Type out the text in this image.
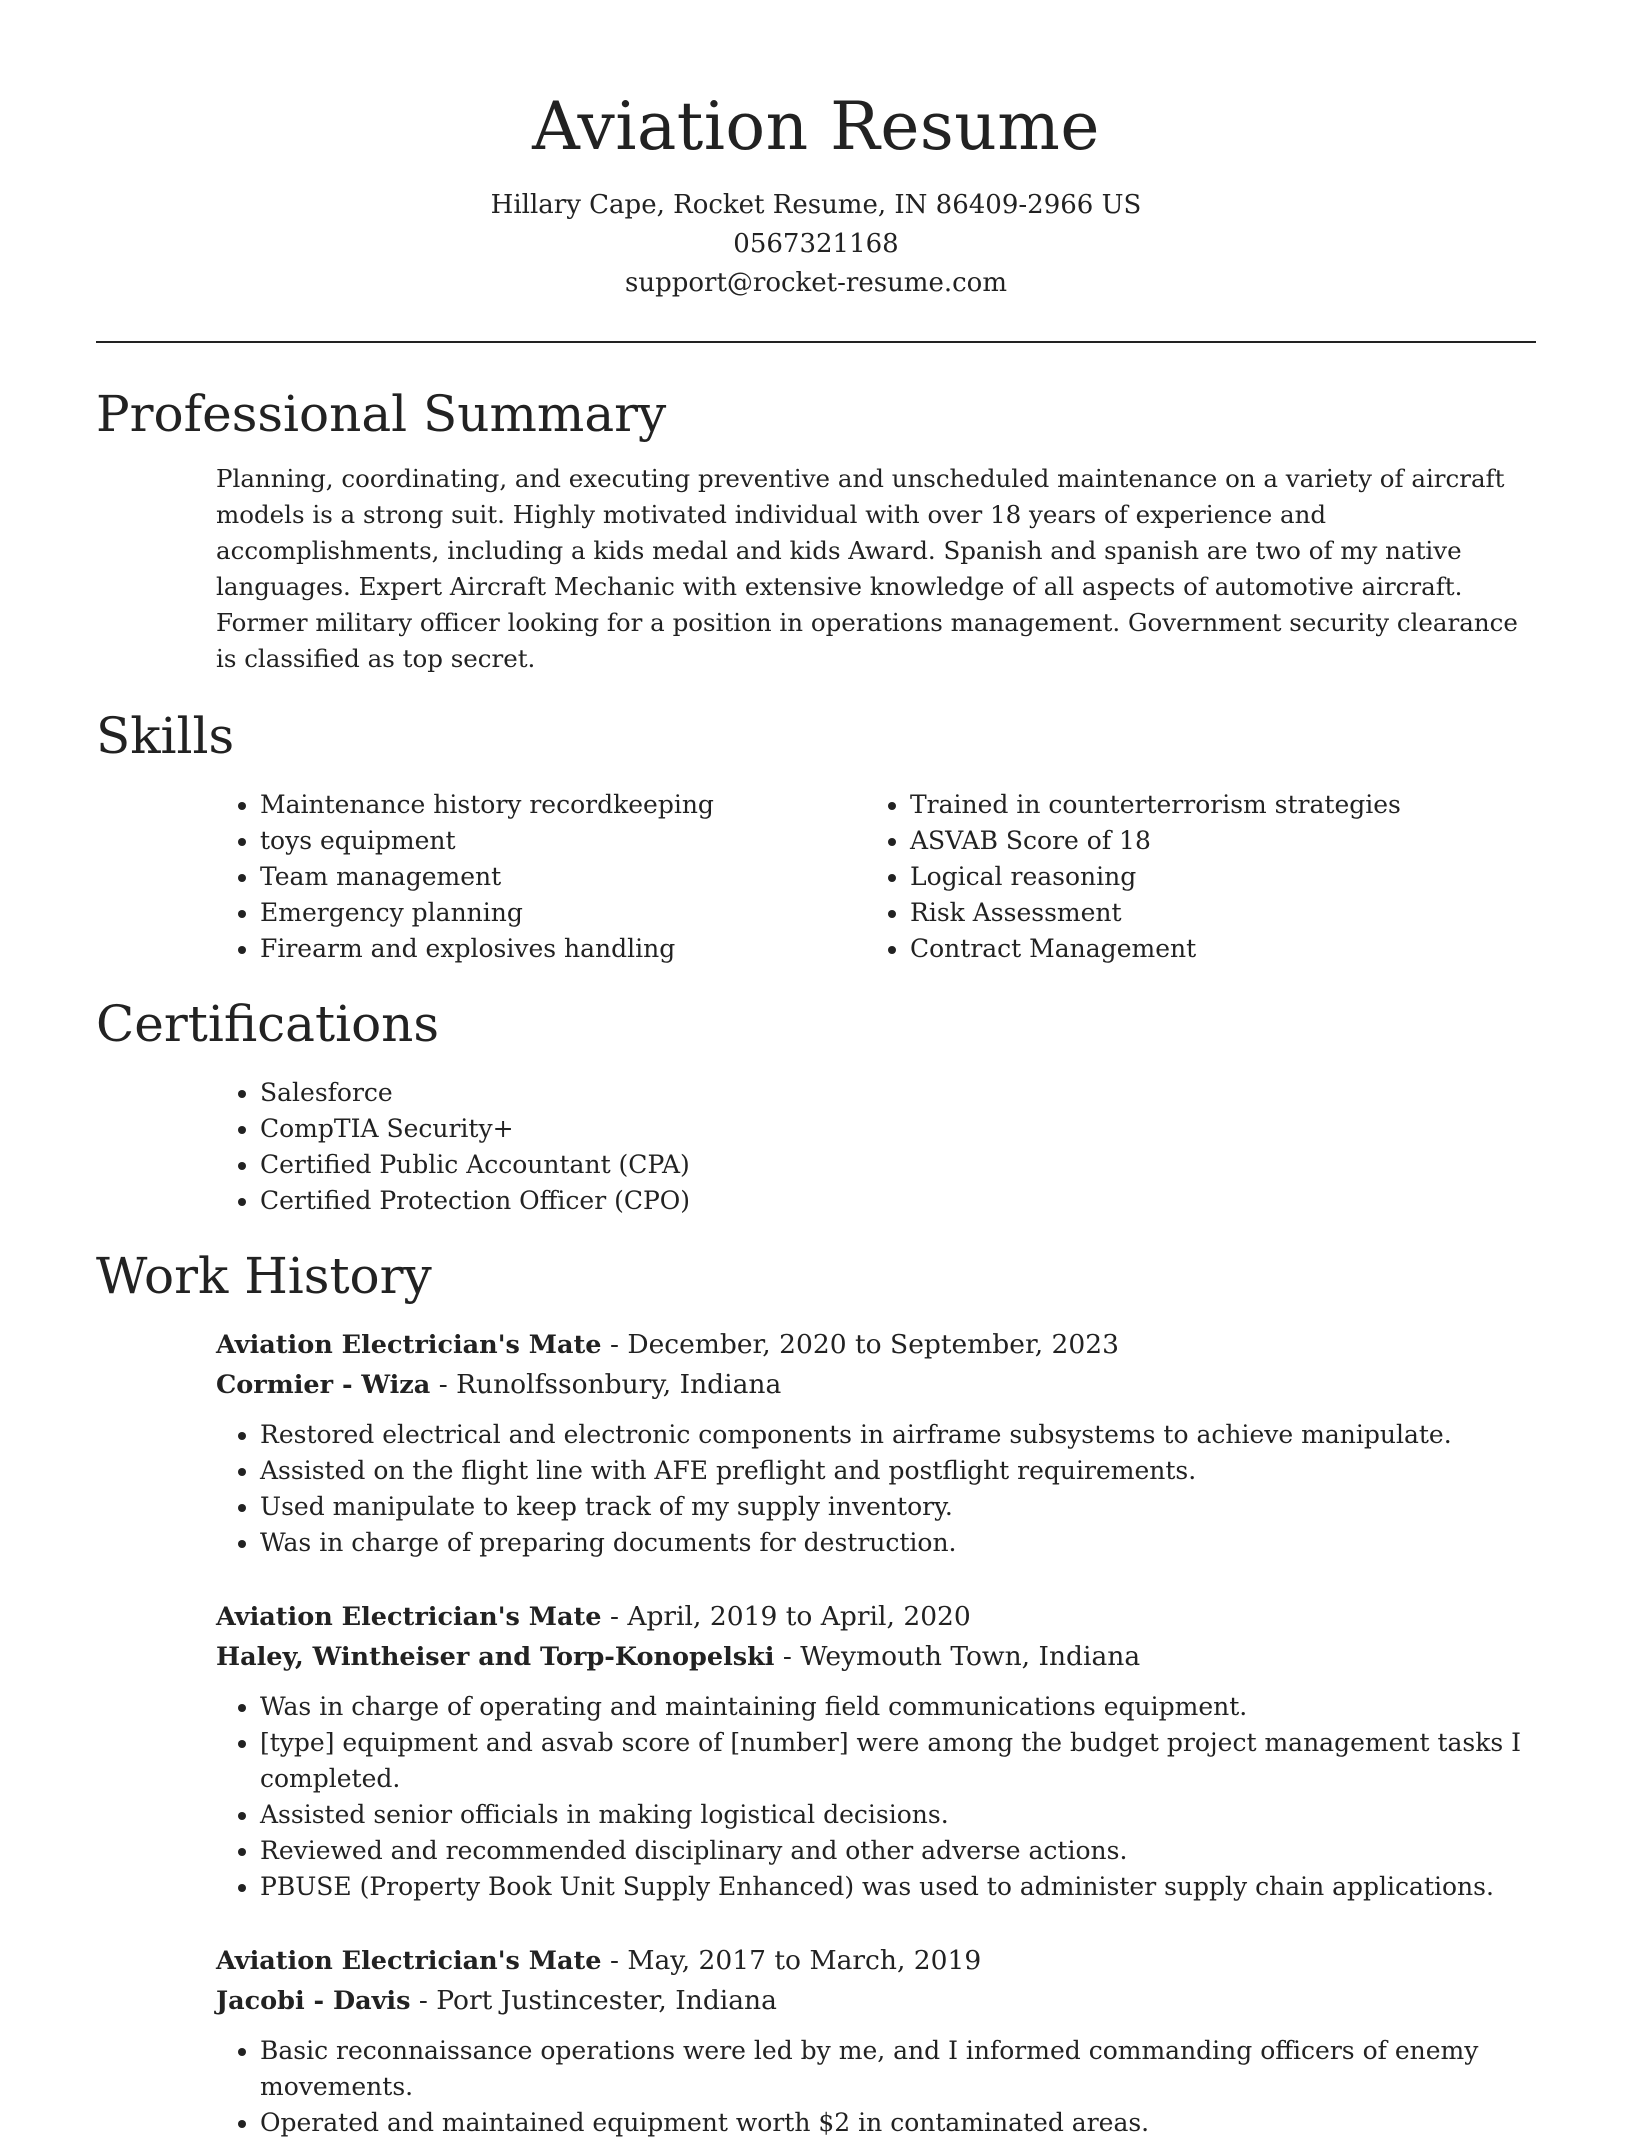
Aviation Resume
Hillary Cape, Rocket Resume, IN 86409-2966 US
0567321168
support@rocket-resume.com
Professional Summary

Planning, coordinating, and executing preventive and unscheduled maintenance on a variety of aircraft models is a strong suit. Highly motivated individual with over 18 years of experience and accomplishments, including a kids medal and kids Award. Spanish and spanish are two of my native languages. Expert Aircraft Mechanic with extensive knowledge of all aspects of automotive aircraft. Former military officer looking for a position in operations management. Government security clearance is classified as top secret.

Skills
• Maintenance history recordkeeping
• toys equipment
• Team management
• Emergency planning
• Firearm and explosives handling
• Trained in counterterrorism strategies
• ASVAB Score of 18
• Logical reasoning
• Risk Assessment
• Contract Management
Certifications
• Salesforce
• CompTIA Security+
• Certified Public Accountant (CPA)
• Certified Protection Officer (CPO)
Work History
Aviation Electrician's Mate - December, 2020 to September, 2023
Cormier - Wiza - Runolfssonbury, Indiana
• Restored electrical and electronic components in airframe subsystems to achieve manipulate.
• Assisted on the flight line with AFE preflight and postflight requirements.
• Used manipulate to keep track of my supply inventory.
• Was in charge of preparing documents for destruction.
Aviation Electrician's Mate - April, 2019 to April, 2020
Haley, Wintheiser and Torp-Konopelski - Weymouth Town, Indiana
• Was in charge of operating and maintaining field communications equipment.
• [type] equipment and asvab score of [number] were among the budget project management tasks I completed.
• Assisted senior officials in making logistical decisions.
• Reviewed and recommended disciplinary and other adverse actions.
• PBUSE (Property Book Unit Supply Enhanced) was used to administer supply chain applications.
Aviation Electrician's Mate - May, 2017 to March, 2019
Jacobi - Davis - Port Justincester, Indiana
• Basic reconnaissance operations were led by me, and I informed commanding officers of enemy movements.
• Operated and maintained equipment worth $2 in contaminated areas.
